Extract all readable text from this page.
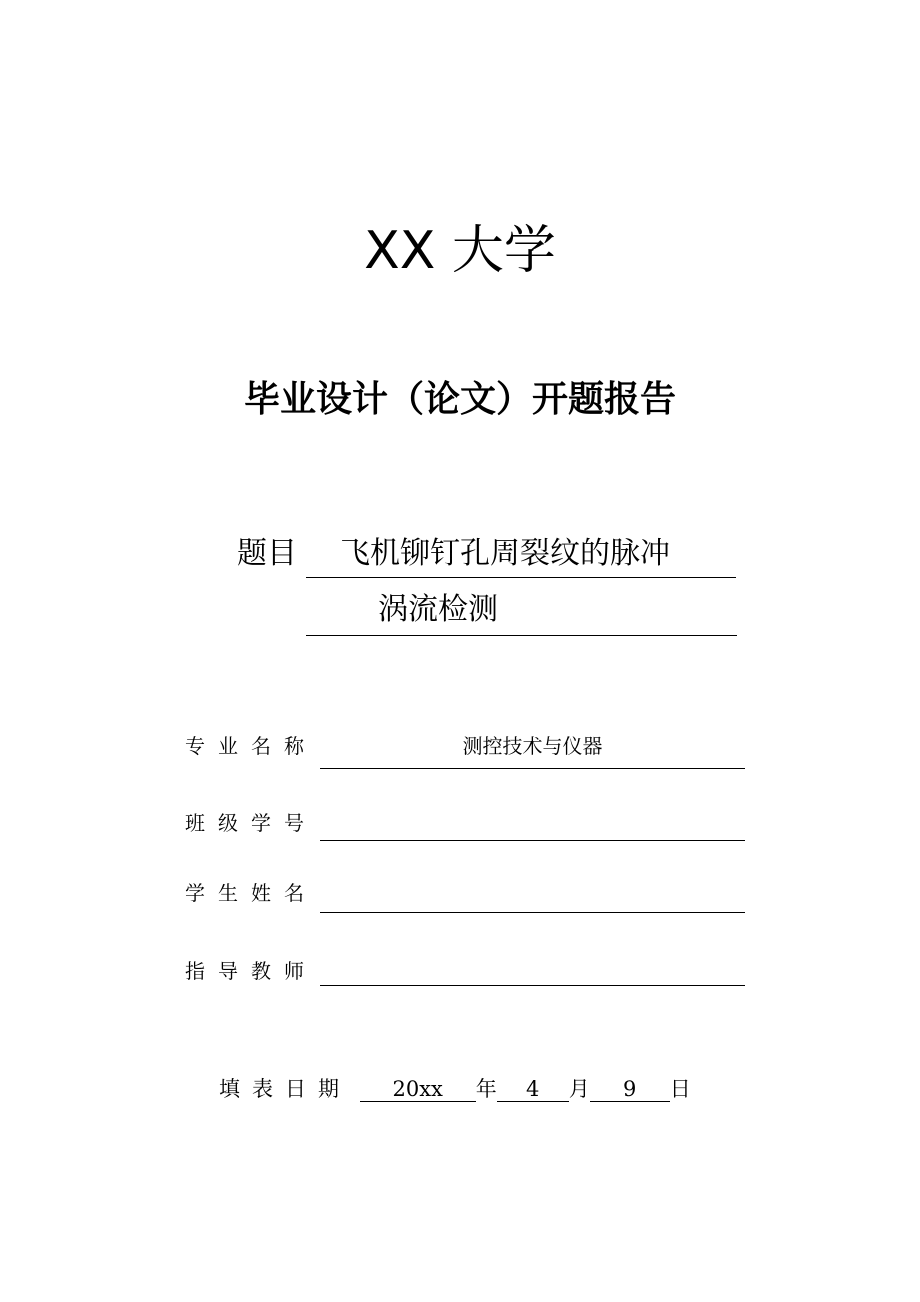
XX 大学
毕业设计（论文）开题报告
题目 飞机铆钉孔周裂纹的脉冲
涡流检测
专业名称	测控技术与仪器
班级学号
学生姓名
指导教师
填表日期 20xx 年 4 月 9 日
